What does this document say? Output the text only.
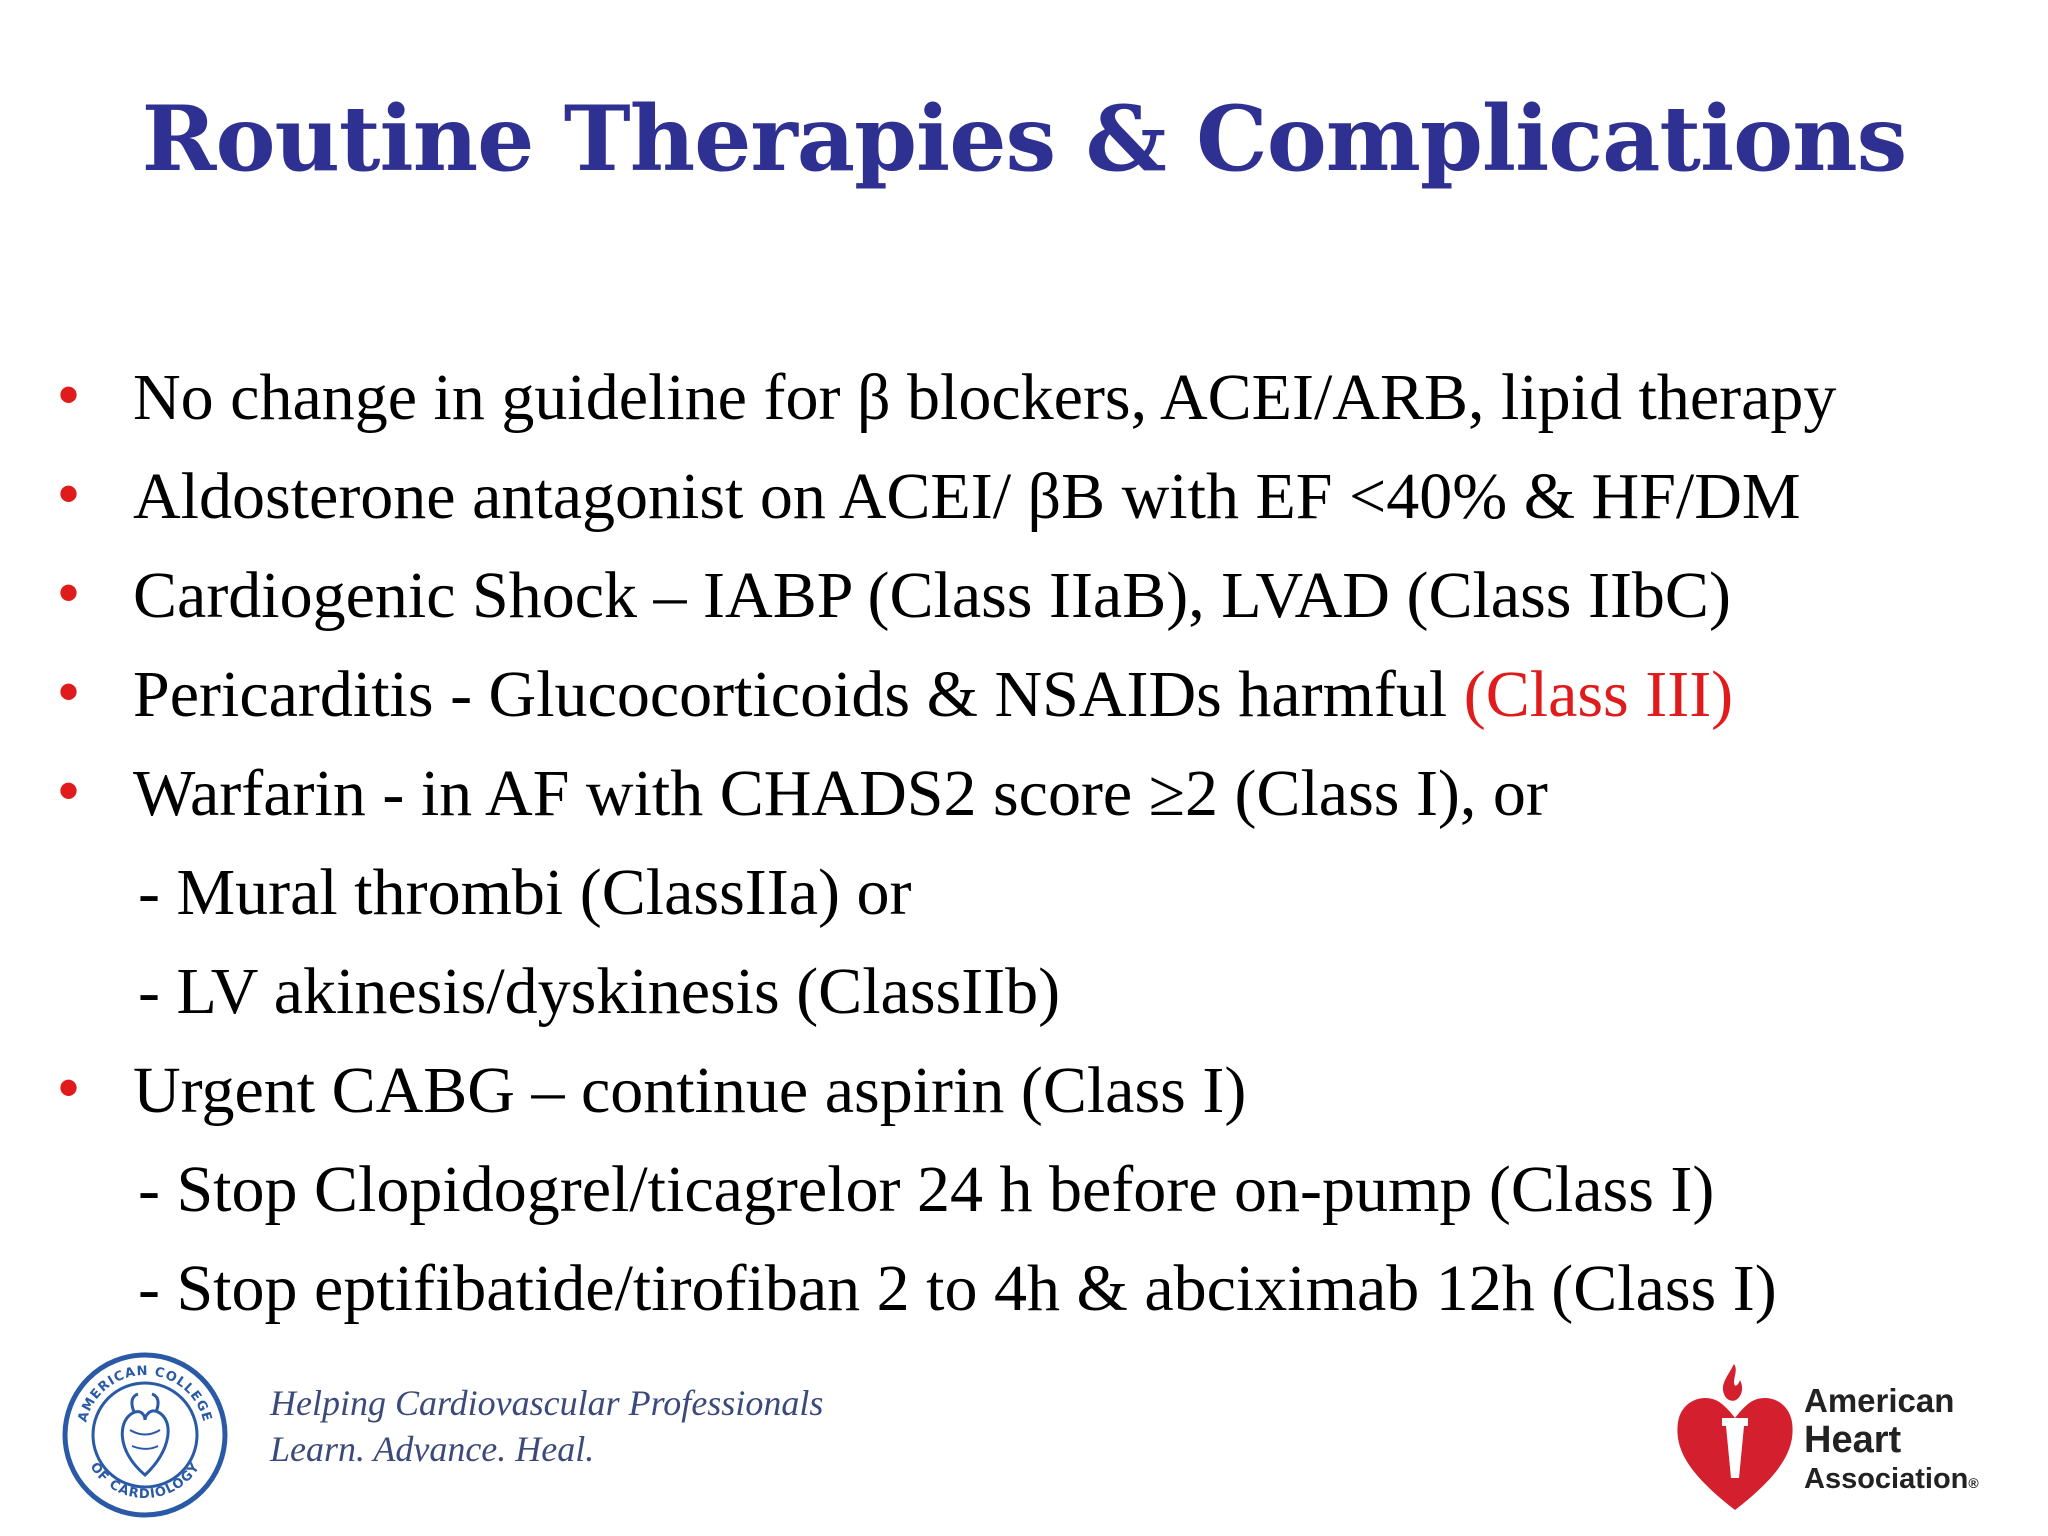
Routine Therapies & Complications
• No change in guideline for β blockers, ACEI/ARB, lipid therapy
• Aldosterone antagonist on ACEI/ βB with EF <40% & HF/DM
• Cardiogenic Shock – IABP (Class IIaB), LVAD (Class IIbC)
• Pericarditis - Glucocorticoids & NSAIDs harmful (Class III)
• Warfarin - in AF with CHADS2 score ≥2 (Class I), or
- Mural thrombi (ClassIIa) or
- LV akinesis/dyskinesis (ClassIIb)
• Urgent CABG – continue aspirin (Class I)
- Stop Clopidogrel/ticagrelor 24 h before on-pump (Class I)
- Stop eptifibatide/tirofiban 2 to 4h & abciximab 12h (Class I)
AMERICAN COLLEGE
OF CARDIOLOGY
Helping Cardiovascular Professionals
Learn. Advance. Heal.
American
Heart
Association®
